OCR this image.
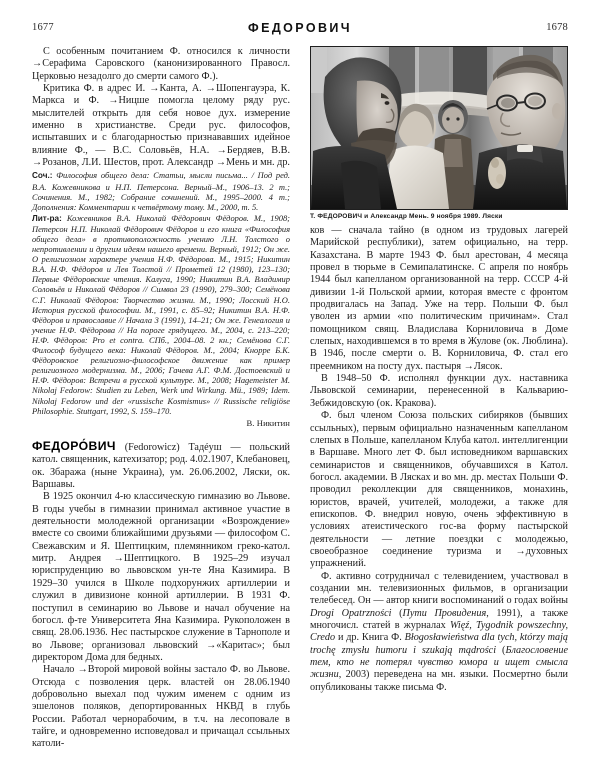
1677	ФЕДОРОВИЧ	1678

С особенным почитанием Ф. относился к личности →Серафима Саровского (канонизированного Правосл. Церковью незадолго до смерти самого Ф.).

Критика Ф. в адрес И. →Канта, А. →Шопенгауэра, К. Маркса и Ф. →Ницше помогла целому ряду рус. мыслителей открыть для себя новое дух. измерение именно в христианстве. Среди рус. философов, испытавших и с благодарностью признававших идейное влияние Ф., — В.С. Соловьёв, Н.А. →Бердяев, В.В. →Розанов, Л.И. Шестов, прот. Александр →Мень и мн. др.

Соч.: Философия общего дела: Статьи, мысли письма... / Под ред. В.А. Кожевникова и Н.П. Петерсона. Верный–М., 1906–13. 2 т.; Сочинения. М., 1982; Собрание сочинений. М., 1995–2000. 4 т.; Дополнения: Комментарии к четвёртому тому. М., 2000, т. 5.

Лит-ра: Кожевников В.А. Николай Фёдорович Фёдоров. М., 1908; Петерсон Н.П. Николай Фёдорович Фёдоров и его книга «Философия общего дела» в противоположность учению Л.Н. Толстого о непротивлении и другим идеям нашего времени. Верный, 1912; Он же. О религиозном характере учения Н.Ф. Фёдорова. М., 1915; Никитин В.А. Н.Ф. Фёдоров и Лев Толстой // Прометей 12 (1980), 123–130; Первые Фёдоровские чтения. Калуга, 1990; Никитин В.А. Владимир Соловьёв и Николай Фёдоров // Символ 23 (1990), 279–300; Семёнова С.Г. Николай Фёдоров: Творчество жизни. М., 1990; Лосский Н.О. История русской философии. М., 1991, с. 85–92; Никитин В.А. Н.Ф. Фёдоров и православие // Начала 3 (1991), 14–21; Он же. Генеалогия и учение Н.Ф. Фёдорова // На пороге грядущего. М., 2004, с. 213–220; Н.Ф. Фёдоров: Pro et contra. СПб., 2004–08. 2 кн.; Семёнова С.Г. Философ будущего века: Николай Фёдоров. М., 2004; Кнорре Б.К. Фёдоровское религиозно-философское движение как пример религиозного модернизма. М., 2006; Гачева А.Г. Ф.М. Достоевский и Н.Ф. Фёдоров: Встречи в русской культуре. М., 2008; Hagemeister M. Nikolaj Fedorow: Studien zu Leben, Werk und Wirkung. Mü., 1989; Idem. Nikolaj Fedorow und der «russische Kosmismus» // Russische religiöse Philosophie. Stuttgart, 1992, S. 159–170.

В. Никитин

ФЕДОРО́ВИЧ (Fedorowicz) Тадéуш — польский катол. священник, катехизатор; род. 4.02.1907, Клебановец, ок. Збаража (ныне Украина), ум. 26.06.2002, Ляски, ок. Варшавы.

В 1925 окончил 4-ю классическую гимназию во Львове. В годы учебы в гимназии принимал активное участие в деятельности молодежной организации «Возрождение» вместе со своими ближайшими друзьями — философом С. Свежавским и Я. Шептицким, племянником греко-катол. митр. Андрея →Шептицкого. В 1925–29 изучал юриспруденцию во львовском ун-те Яна Казимира. В 1929–30 учился в Школе подхорунжих артиллерии и служил в дивизионе конной артиллерии. В 1931 Ф. поступил в семинарию во Львове и начал обучение на богосл. ф-те Университета Яна Казимира. Рукоположен в свящ. 28.06.1936. Нес пастырское служение в Тарнополе и во Львове; организовал львовский →«Каритас»; был директором Дома для бедных.

Начало →Второй мировой войны застало Ф. во Львове. Отсюда с позволения церк. властей он 28.06.1940 добровольно выехал под чужим именем с одним из эшелонов поляков, депортированных НКВД в глубь России. Работал чернорабочим, в т.ч. на лесоповале в тайге, и одновременно исповедовал и причащал ссыльных католи-

Т. ФЕДОРОВИЧ и Александр Мень. 9 ноября 1989. Ляски

ков — сначала тайно (в одном из трудовых лагерей Марийской республики), затем официально, на терр. Казахстана. В марте 1943 Ф. был арестован, 4 месяца провел в тюрьме в Семипалатинске. С апреля по ноябрь 1944 был капелланом организованной на терр. СССР 4-й дивизии 1-й Польской армии, которая вместе с фронтом продвигалась на Запад. Уже на терр. Польши Ф. был уволен из армии «по политическим причинам». Стал помощником свящ. Владислава Корниловича в Доме слепых, находившемся в то время в Жулове (ок. Люблина). В 1946, после смерти о. В. Корниловича, Ф. стал его преемником на посту дух. пастыря →Лясок.

В 1948–50 Ф. исполнял функции дух. наставника Львовской семинарии, перенесенной в Кальварию-Зебжидовскую (ок. Кракова).

Ф. был членом Союза польских сибиряков (бывших ссыльных), первым официально назначенным капелланом слепых в Польше, капелланом Клуба катол. интеллигенции в Варшаве. Много лет Ф. был исповедником варшавских семинаристов и священников, обучавшихся в Катол. богосл. академии. В Лясках и во мн. др. местах Польши Ф. проводил реколлекции для священников, монахинь, юристов, врачей, учителей, молодежи, а также для епископов. Ф. внедрил новую, очень эффективную в условиях атеистического гос-ва форму пастырской деятельности — летние поездки с молодежью, своеобразное соединение туризма и →духовных упражнений.

Ф. активно сотрудничал с телевидением, участвовал в создании мн. телевизионных фильмов, в организации телебесед. Он — автор книги воспоминаний о годах войны Drogi Opatrzności (Пути Провидения, 1991), а также многочисл. статей в журналах Więź, Tygodnik powszechny, Credo и др. Книга Ф. Błogosławieństwa dla tych, którzy mają trochę zmysłu humoru i szukają mądrości (Благословение тем, кто не потерял чувство юмора и ищет смысла жизни, 2003) переведена на мн. языки. Посмертно были опубликованы также письма Ф.
